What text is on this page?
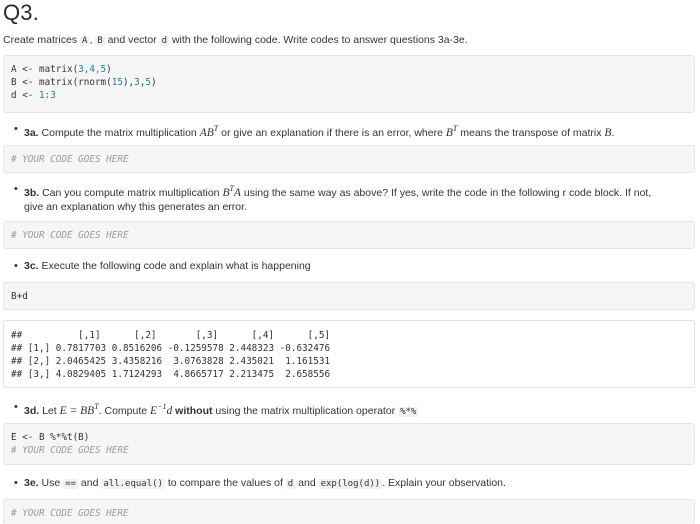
Q3.
Create matrices A , B and vector d with the following code. Write codes to answer questions 3a-3e.
A <- matrix(3,4,5)
B <- matrix(rnorm(15),3,5)
d <- 1:3
• 3a. Compute the matrix multiplication $AB^T$ or give an explanation if there is an error, where $B^T$ means the transpose of matrix B.
# YOUR CODE GOES HERE
• 3b. Can you compute matrix multiplication $B^TA$ using the same way as above? If yes, write the code in the following r code block. If not,
give an explanation why this generates an error.
# YOUR CODE GOES HERE
• 3c. Execute the following code and explain what is happening
B+d
##          [,1]      [,2]       [,3]      [,4]      [,5]
## [1,] 0.7817703 0.8516206 -0.1259578 2.448323 -0.632476
## [2,] 2.0465425 3.4358216  3.0763828 2.435021  1.161531
## [3,] 4.0829405 1.7124293  4.8665717 2.213475  2.658556
• 3d. Let $E = BB^T$. Compute $E^{-1}d$ without using the matrix multiplication operator %*%
E <- B %*%t(B)
# YOUR CODE GOES HERE
• 3e. Use == and all.equal() to compare the values of d and exp(log(d)) . Explain your observation.
# YOUR CODE GOES HERE
